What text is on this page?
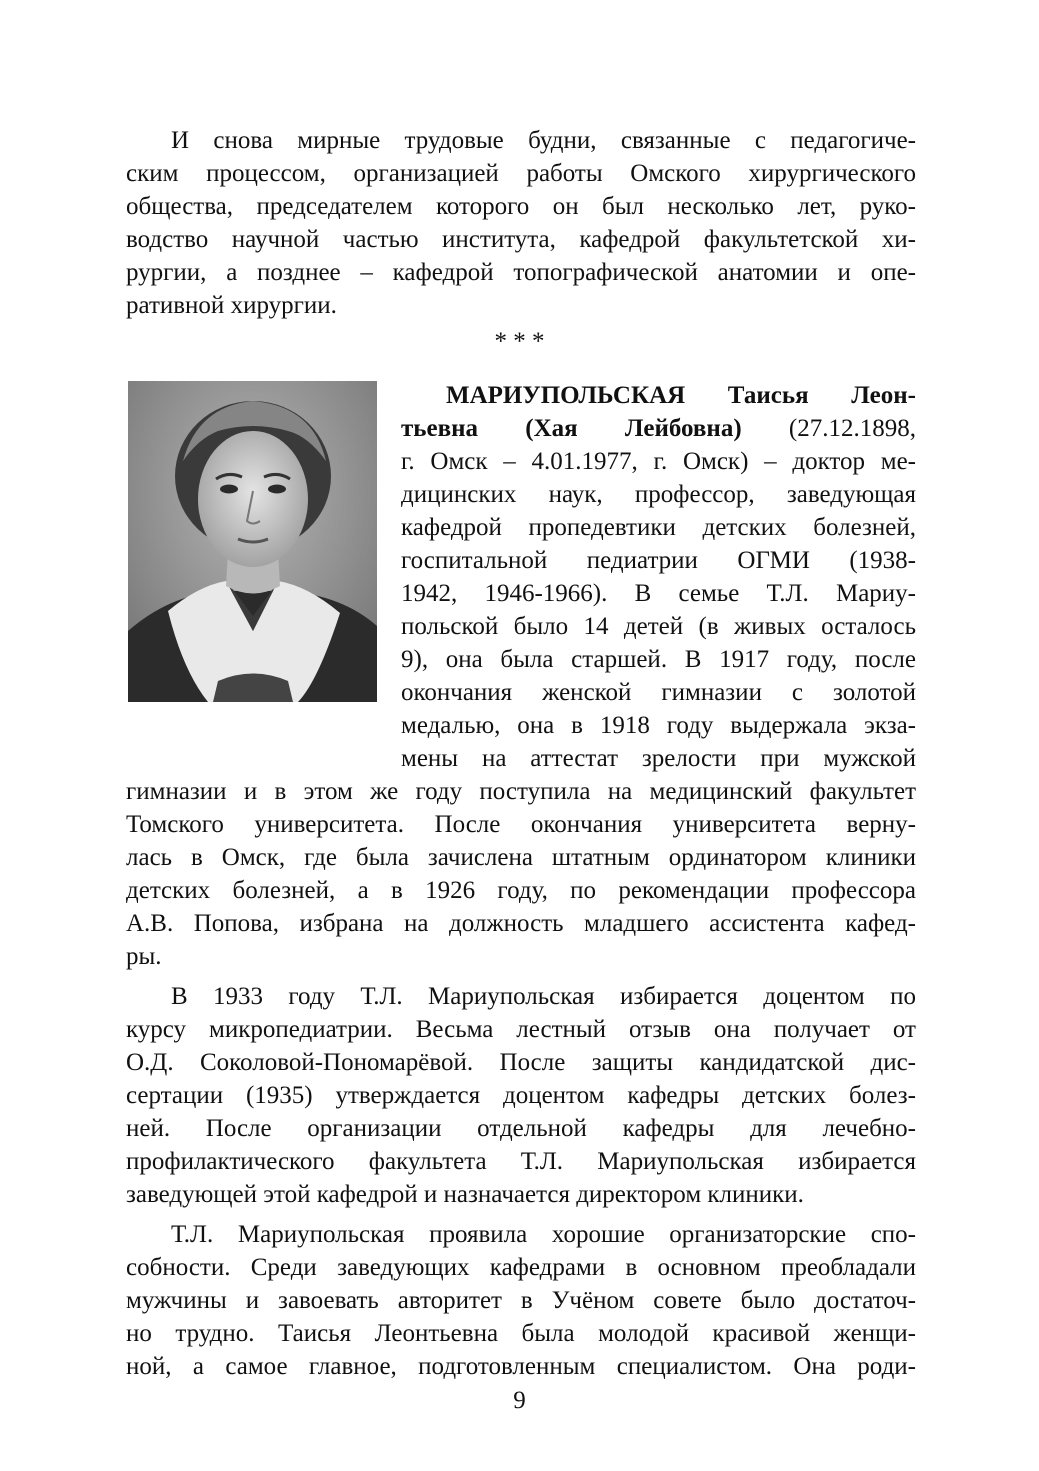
И снова мирные трудовые будни, связанные с педагогиче-

ским процессом, организацией работы Омского хирургического

общества, председателем которого он был несколько лет, руко-

водство научной частью института, кафедрой факультетской хи-

рургии, а позднее – кафедрой топографической анатомии и опе-

ративной хирургии.

* * *

МАРИУПОЛЬСКАЯ Таисья Леон-

тьевна (Хая Лейбовна) (27.12.1898,

г. Омск – 4.01.1977, г. Омск) – доктор ме-

дицинских наук, профессор, заведующая

кафедрой пропедевтики детских болезней,

госпитальной педиатрии ОГМИ (1938-

1942, 1946-1966). В семье Т.Л. Мариу-

польской было 14 детей (в живых осталось

9), она была старшей. В 1917 году, после

окончания женской гимназии с золотой

медалью, она в 1918 году выдержала экза-

мены на аттестат зрелости при мужской

гимназии и в этом же году поступила на медицинский факультет

Томского университета. После окончания университета верну-

лась в Омск, где была зачислена штатным ординатором клиники

детских болезней, а в 1926 году, по рекомендации профессора

А.В. Попова, избрана на должность младшего ассистента кафед-

ры.

В 1933 году Т.Л. Мариупольская избирается доцентом по

курсу микропедиатрии. Весьма лестный отзыв она получает от

О.Д. Соколовой-Пономарёвой. После защиты кандидатской дис-

сертации (1935) утверждается доцентом кафедры детских болез-

ней. После организации отдельной кафедры для лечебно-

профилактического факультета Т.Л. Мариупольская избирается

заведующей этой кафедрой и назначается директором клиники.

Т.Л. Мариупольская проявила хорошие организаторские спо-

собности. Среди заведующих кафедрами в основном преобладали

мужчины и завоевать авторитет в Учёном совете было достаточ-

но трудно. Таисья Леонтьевна была молодой красивой женщи-

ной, а самое главное, подготовленным специалистом. Она роди-

9
